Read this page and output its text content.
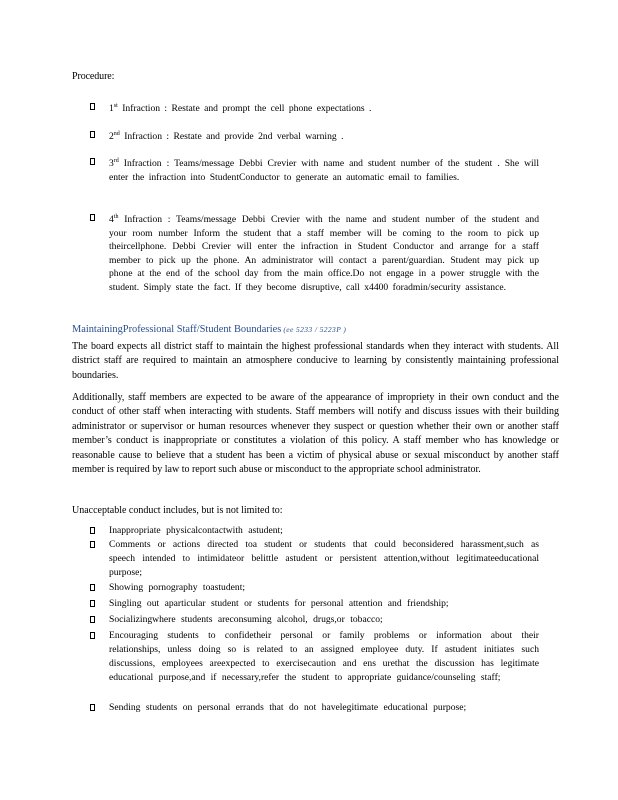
Procedure:
1st Infraction : Restate and prompt the cell phone expectations .
2nd Infraction : Restate and provide 2nd verbal warning .
3rd Infraction : Teams/message Debbi Crevier with name and student number of the student . She will enter the infraction into StudentConductor to generate an automatic email to families.
4th Infraction : Teams/message Debbi Crevier with the name and student number of the student and your room number Inform the student that a staff member will be coming to the room to pick up theircellphone. Debbi Crevier will enter the infraction in Student Conductor and arrange for a staff member to pick up the phone. An administrator will contact a parent/guardian. Student may pick up phone at the end of the school day from the main office.Do not engage in a power struggle with the student. Simply state the fact. If they become disruptive, call x4400 foradmin/security assistance.
MaintainingProfessional Staff/Student Boundaries (ee 5233 / 5223P )
The board expects all district staff to maintain the highest professional standards when they interact with students. All district staff are required to maintain an atmosphere conducive to learning by consistently maintaining professional boundaries.
Additionally, staff members are expected to be aware of the appearance of impropriety in their own conduct and the conduct of other staff when interacting with students. Staff members will notify and discuss issues with their building administrator or supervisor or human resources whenever they suspect or question whether their own or another staff member’s conduct is inappropriate or constitutes a violation of this policy. A staff member who has knowledge or reasonable cause to believe that a student has been a victim of physical abuse or sexual misconduct by another staff member is required by law to report such abuse or misconduct to the appropriate school administrator.
Unacceptable conduct includes, but is not limited to:
Inappropriate physicalcontactwith astudent;
Comments or actions directed toa student or students that could beconsidered harassment,such as speech intended to intimidateor belittle astudent or persistent attention,without legitimateeducational purpose;
Showing pornography toastudent;
Singling out aparticular student or students for personal attention and friendship;
Socializingwhere students areconsuming alcohol, drugs,or tobacco;
Encouraging students to confidetheir personal or family problems or information about their relationships, unless doing so is related to an assigned employee duty. If astudent initiates such discussions, employees areexpected to exercisecaution and ens urethat the discussion has legitimate educational purpose,and if necessary,refer the student to appropriate guidance/counseling staff;
Sending students on personal errands that do not havelegitimate educational purpose;
